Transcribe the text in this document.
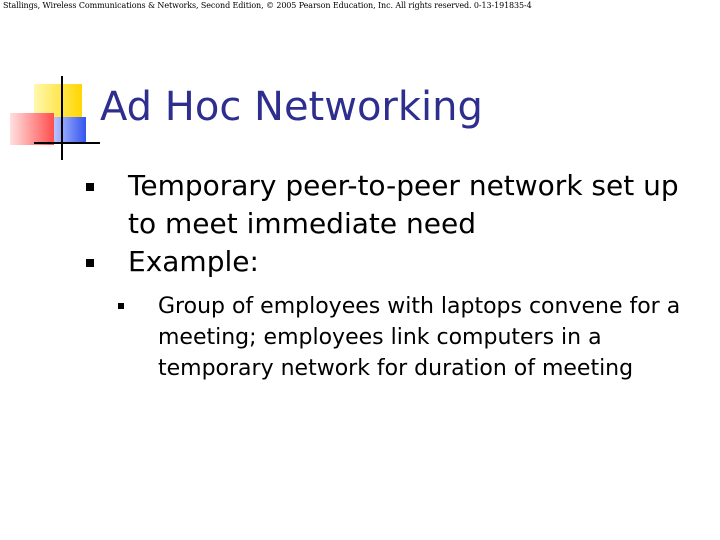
Stallings, Wireless Communications & Networks, Second Edition, © 2005 Pearson Education, Inc. All rights reserved. 0-13-191835-4
Ad Hoc Networking

Temporary peer-to-peer network set up to meet immediate need

Example:

Group of employees with laptops convene for a meeting; employees link computers in a temporary network for duration of meeting
